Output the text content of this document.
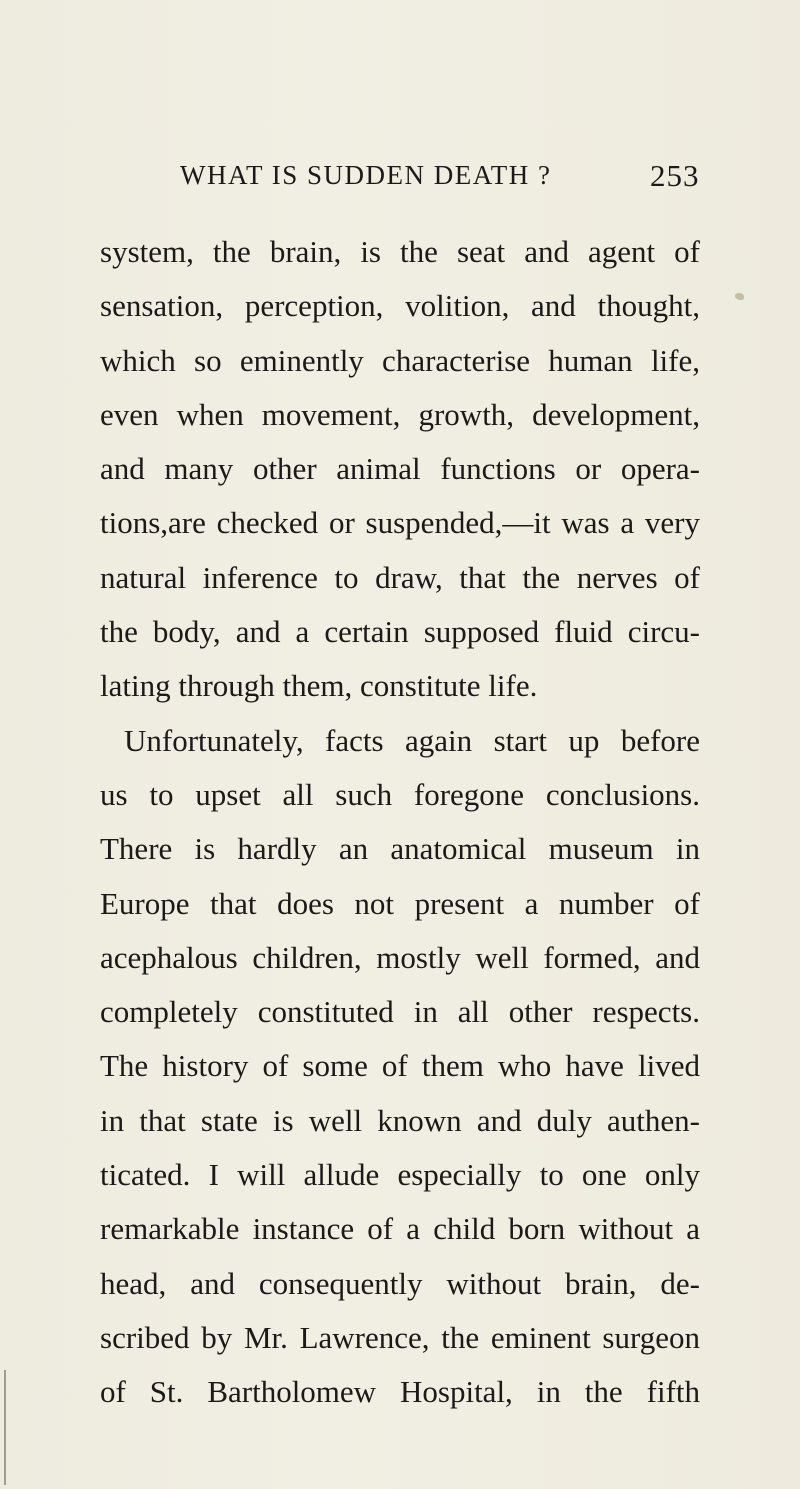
WHAT IS SUDDEN DEATH ?	253
system, the brain, is the seat and agent of
sensation, perception, volition, and thought,
which so eminently characterise human life,
even when movement, growth, development,
and many other animal functions or opera-
tions,are checked or suspended,—it was a very
natural inference to draw, that the nerves of
the body, and a certain supposed fluid circu-
lating through them, constitute life.
Unfortunately, facts again start up before
us to upset all such foregone conclusions.
There is hardly an anatomical museum in
Europe that does not present a number of
acephalous children, mostly well formed, and
completely constituted in all other respects.
The history of some of them who have lived
in that state is well known and duly authen-
ticated. I will allude especially to one only
remarkable instance of a child born without a
head, and consequently without brain, de-
scribed by Mr. Lawrence, the eminent surgeon
of St. Bartholomew Hospital, in the fifth
